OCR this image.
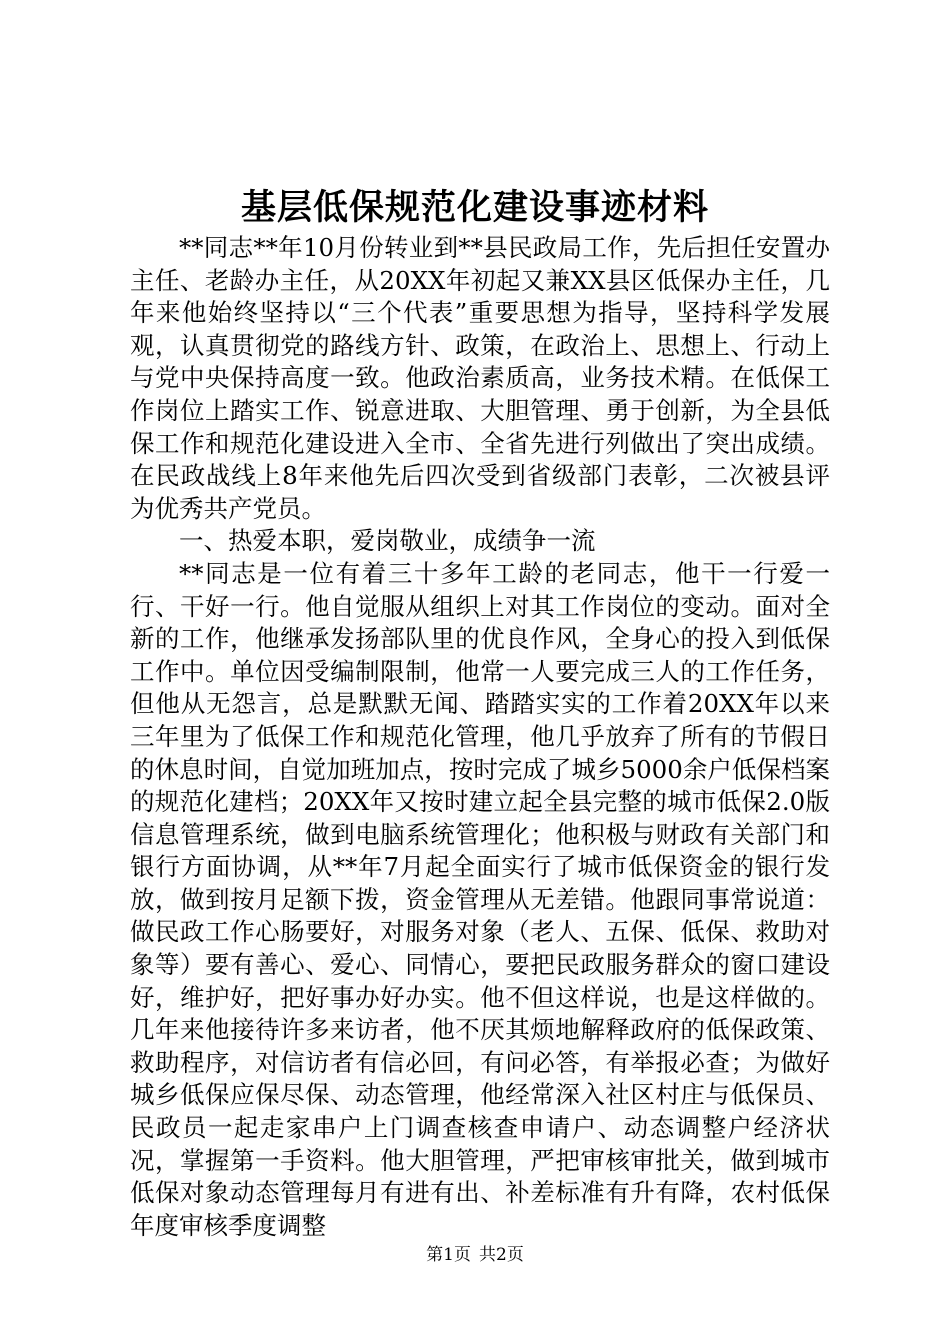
基层低保规范化建设事迹材料

**同志**年10月份转业到**县民政局工作，先后担任安置办主任、老龄办主任，从20XX年初起又兼XX县区低保办主任，几年来他始终坚持以“三个代表”重要思想为指导，坚持科学发展观，认真贯彻党的路线方针、政策，在政治上、思想上、行动上与党中央保持高度一致。他政治素质高，业务技术精。在低保工作岗位上踏实工作、锐意进取、大胆管理、勇于创新，为全县低保工作和规范化建设进入全市、全省先进行列做出了突出成绩。在民政战线上8年来他先后四次受到省级部门表彰，二次被县评为优秀共产党员。

一、热爱本职，爱岗敬业，成绩争一流

**同志是一位有着三十多年工龄的老同志，他干一行爱一行、干好一行。他自觉服从组织上对其工作岗位的变动。面对全新的工作，他继承发扬部队里的优良作风，全身心的投入到低保工作中。单位因受编制限制，他常一人要完成三人的工作任务，但他从无怨言，总是默默无闻、踏踏实实的工作着20XX年以来三年里为了低保工作和规范化管理，他几乎放弃了所有的节假日的休息时间，自觉加班加点，按时完成了城乡5000余户低保档案的规范化建档；20XX年又按时建立起全县完整的城市低保2.0版信息管理系统，做到电脑系统管理化；他积极与财政有关部门和银行方面协调，从**年7月起全面实行了城市低保资金的银行发放，做到按月足额下拨，资金管理从无差错。他跟同事常说道：做民政工作心肠要好，对服务对象（老人、五保、低保、救助对象等）要有善心、爱心、同情心，要把民政服务群众的窗口建设好，维护好，把好事办好办实。他不但这样说，也是这样做的。几年来他接待许多来访者，他不厌其烦地解释政府的低保政策、救助程序，对信访者有信必回，有问必答，有举报必查；为做好城乡低保应保尽保、动态管理，他经常深入社区村庄与低保员、民政员一起走家串户上门调查核查申请户、动态调整户经济状况，掌握第一手资料。他大胆管理，严把审核审批关，做到城市低保对象动态管理每月有进有出、补差标准有升有降，农村低保年度审核季度调整

第1页 共2页
